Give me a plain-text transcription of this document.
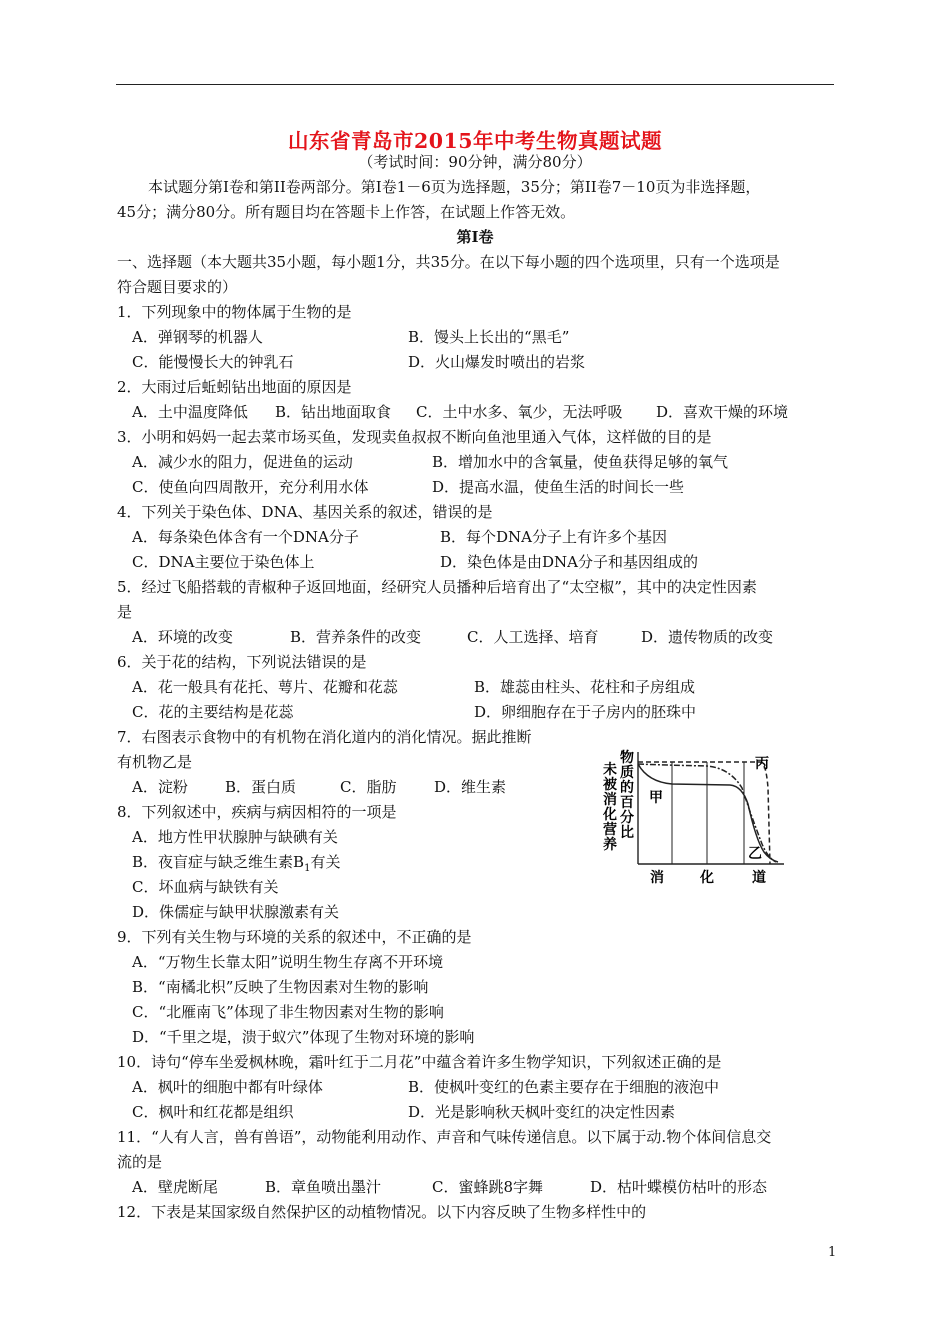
山东省青岛市2015年中考生物真题试题
（考试时间：90分钟，满分80分）
本试题分第Ⅰ卷和第II卷两部分。第Ⅰ卷1－6页为选择题，35分；第II卷7－10页为非选择题，
45分；满分80分。所有题目均在答题卡上作答，在试题上作答无效。
第Ⅰ卷
一、选择题（本大题共35小题，每小题1分，共35分。在以下每小题的四个选项里，只有一个选项是
符合题目要求的）
1．下列现象中的物体属于生物的是
A．弹钢琴的机器人	B．馒头上长出的“黑毛”
C．能慢慢长大的钟乳石	D．火山爆发时喷出的岩浆
2．大雨过后蚯蚓钻出地面的原因是
A．土中温度降低 B．钻出地面取食 C．土中水多、氧少，无法呼吸 D．喜欢干燥的环境
3．小明和妈妈一起去菜市场买鱼，发现卖鱼叔叔不断向鱼池里通入气体，这样做的目的是
A．减少水的阻力，促进鱼的运动	B．增加水中的含氧量，使鱼获得足够的氧气
C．使鱼向四周散开，充分利用水体	D．提高水温，使鱼生活的时间长一些
4．下列关于染色体、DNA、基因关系的叙述，错误的是
A．每条染色体含有一个DNA分子	B．每个DNA分子上有许多个基因
C．DNA主要位于染色体上	D．染色体是由DNA分子和基因组成的
5．经过飞船搭载的青椒种子返回地面，经研究人员播种后培育出了“太空椒”，其中的决定性因素
是
A．环境的改变	B．营养条件的改变	C．人工选择、培育	D．遗传物质的改变
6．关于花的结构，下列说法错误的是
A．花一般具有花托、萼片、花瓣和花蕊	B．雄蕊由柱头、花柱和子房组成
C．花的主要结构是花蕊	D．卵细胞存在于子房内的胚珠中
7．右图表示食物中的有机物在消化道内的消化情况。据此推断
有机物乙是
A．淀粉 B．蛋白质	C．脂肪	D．维生素
未
被
消
化
营
养
物
质
的
百
分
比
甲
乙
丙
消	化	道
8．下列叙述中，疾病与病因相符的一项是
A．地方性甲状腺肿与缺碘有关
B．夜盲症与缺乏维生素$B_1$有关
C．坏血病与缺铁有关
D．侏儒症与缺甲状腺激素有关
9．下列有关生物与环境的关系的叙述中，不正确的是
A．“万物生长靠太阳”说明生物生存离不开环境
B．“南橘北枳”反映了生物因素对生物的影响
C．“北雁南飞”体现了非生物因素对生物的影响
D．“千里之堤，溃于蚁穴”体现了生物对环境的影响
10．诗句“停车坐爱枫林晚，霜叶红于二月花”中蕴含着许多生物学知识，下列叙述正确的是
A．枫叶的细胞中都有叶绿体	B．使枫叶变红的色素主要存在于细胞的液泡中
C．枫叶和红花都是组织	D．光是影响秋天枫叶变红的决定性因素
11．“人有人言，兽有兽语”，动物能利用动作、声音和气味传递信息。以下属于动.物个体间信息交
流的是
A．壁虎断尾	B．章鱼喷出墨汁	C．蜜蜂跳8字舞	D．枯叶蝶模仿枯叶的形态
12．下表是某国家级自然保护区的动植物情况。以下内容反映了生物多样性中的
1
